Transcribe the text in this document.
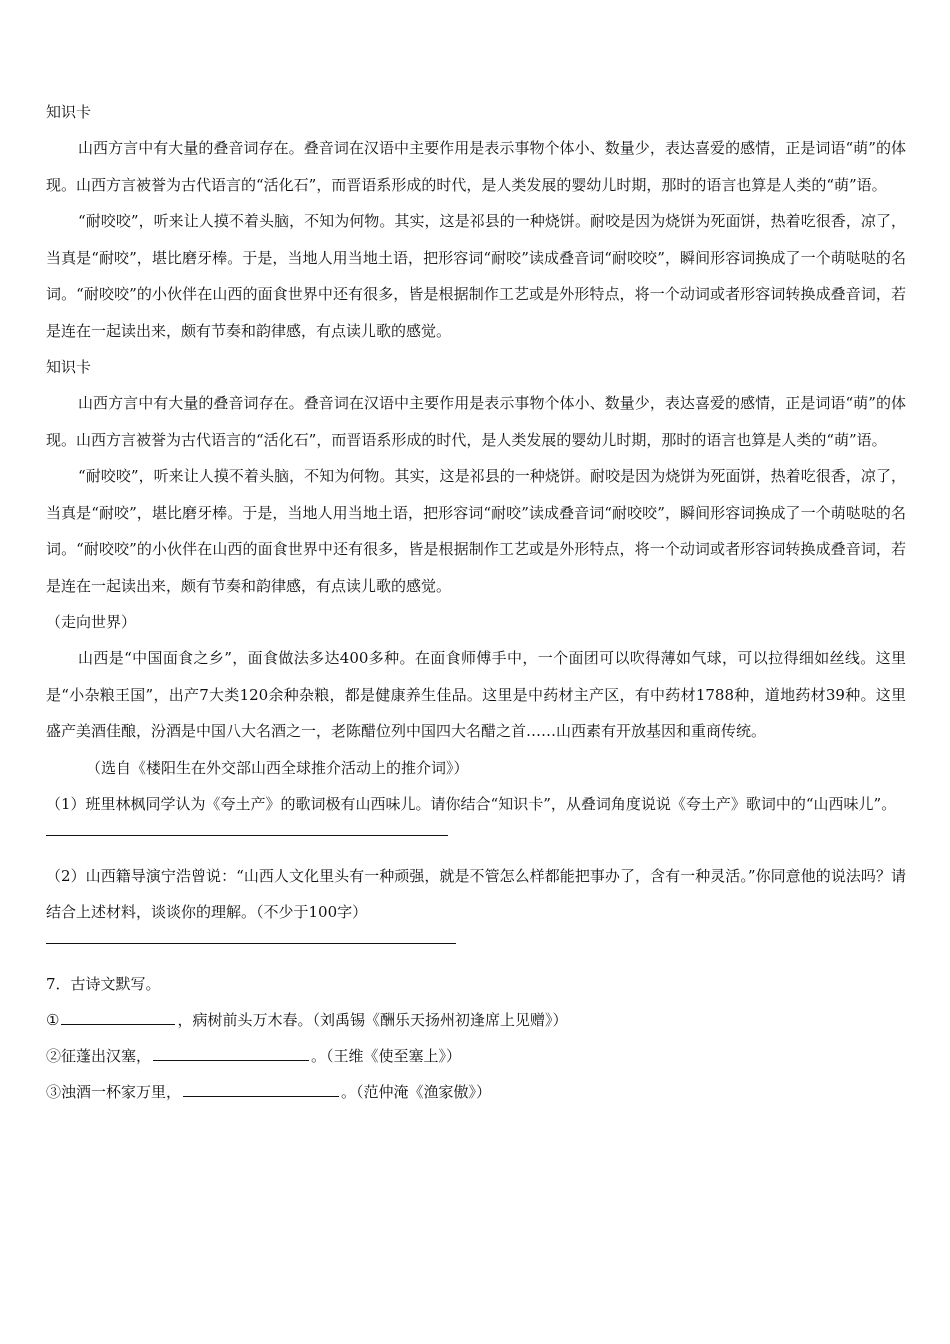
知识卡

山西方言中有大量的叠音词存在。叠音词在汉语中主要作用是表示事物个体小、数量少，表达喜爱的感情，正是词语“萌”的体现。山西方言被誉为古代语言的“活化石”，而晋语系形成的时代，是人类发展的婴幼儿时期，那时的语言也算是人类的“萌”语。

“耐咬咬”，听来让人摸不着头脑，不知为何物。其实，这是祁县的一种烧饼。耐咬是因为烧饼为死面饼，热着吃很香，凉了，当真是“耐咬”，堪比磨牙棒。于是，当地人用当地土语，把形容词“耐咬”读成叠音词“耐咬咬”，瞬间形容词换成了一个萌哒哒的名词。“耐咬咬”的小伙伴在山西的面食世界中还有很多，皆是根据制作工艺或是外形特点，将一个动词或者形容词转换成叠音词，若是连在一起读出来，颇有节奏和韵律感，有点读儿歌的感觉。

知识卡

山西方言中有大量的叠音词存在。叠音词在汉语中主要作用是表示事物个体小、数量少，表达喜爱的感情，正是词语“萌”的体现。山西方言被誉为古代语言的“活化石”，而晋语系形成的时代，是人类发展的婴幼儿时期，那时的语言也算是人类的“萌”语。

“耐咬咬”，听来让人摸不着头脑，不知为何物。其实，这是祁县的一种烧饼。耐咬是因为烧饼为死面饼，热着吃很香，凉了，当真是“耐咬”，堪比磨牙棒。于是，当地人用当地土语，把形容词“耐咬”读成叠音词“耐咬咬”，瞬间形容词换成了一个萌哒哒的名词。“耐咬咬”的小伙伴在山西的面食世界中还有很多，皆是根据制作工艺或是外形特点，将一个动词或者形容词转换成叠音词，若是连在一起读出来，颇有节奏和韵律感，有点读儿歌的感觉。

（走向世界）

山西是“中国面食之乡”，面食做法多达400多种。在面食师傅手中，一个面团可以吹得薄如气球，可以拉得细如丝线。这里是“小杂粮王国”，出产7大类120余种杂粮，都是健康养生佳品。这里是中药材主产区，有中药材1788种，道地药材39种。这里盛产美酒佳酿，汾酒是中国八大名酒之一，老陈醋位列中国四大名醋之首……山西素有开放基因和重商传统。

（选自《楼阳生在外交部山西全球推介活动上的推介词》）

（1）班里林枫同学认为《夸土产》的歌词极有山西味儿。请你结合“知识卡”，从叠词角度说说《夸土产》歌词中的“山西味儿”。

（2）山西籍导演宁浩曾说：“山西人文化里头有一种顽强，就是不管怎么样都能把事办了，含有一种灵活。”你同意他的说法吗？请结合上述材料，谈谈你的理解。（不少于100字）

7．古诗文默写。

①	，病树前头万木春。（刘禹锡《酬乐天扬州初逢席上见赠》）

②征蓬出汉塞，	。（王维《使至塞上》）

③浊酒一杯家万里，	。（范仲淹《渔家傲》）
